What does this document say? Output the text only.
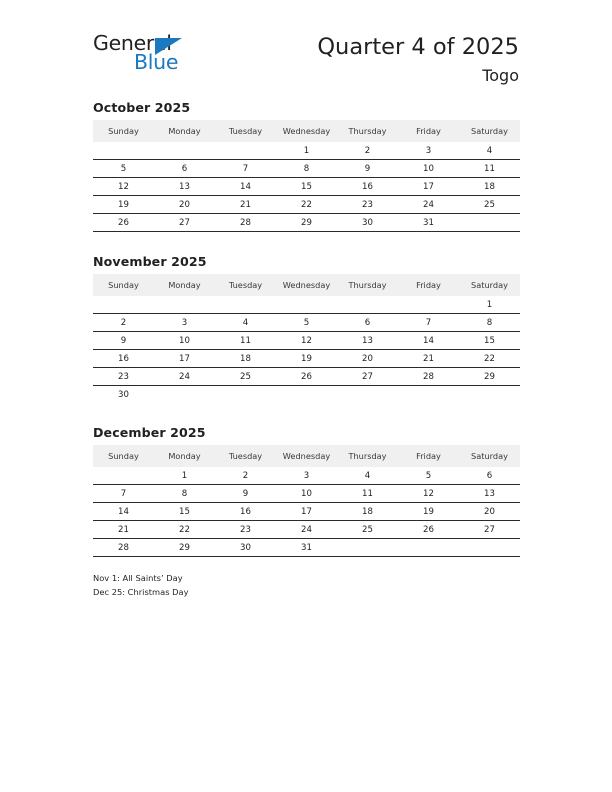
General
Blue
Quarter 4 of 2025
Togo
October 2025
Sunday	Monday	Tuesday	Wednesday	Thursday	Friday	Saturday
			1	2	3	4
5	6	7	8	9	10	11
12	13	14	15	16	17	18
19	20	21	22	23	24	25
26	27	28	29	30	31	
November 2025
Sunday	Monday	Tuesday	Wednesday	Thursday	Friday	Saturday
						1
2	3	4	5	6	7	8
9	10	11	12	13	14	15
16	17	18	19	20	21	22
23	24	25	26	27	28	29
30						
December 2025
Sunday	Monday	Tuesday	Wednesday	Thursday	Friday	Saturday
	1	2	3	4	5	6
7	8	9	10	11	12	13
14	15	16	17	18	19	20
21	22	23	24	25	26	27
28	29	30	31			
Nov 1: All Saints’ Day
Dec 25: Christmas Day
